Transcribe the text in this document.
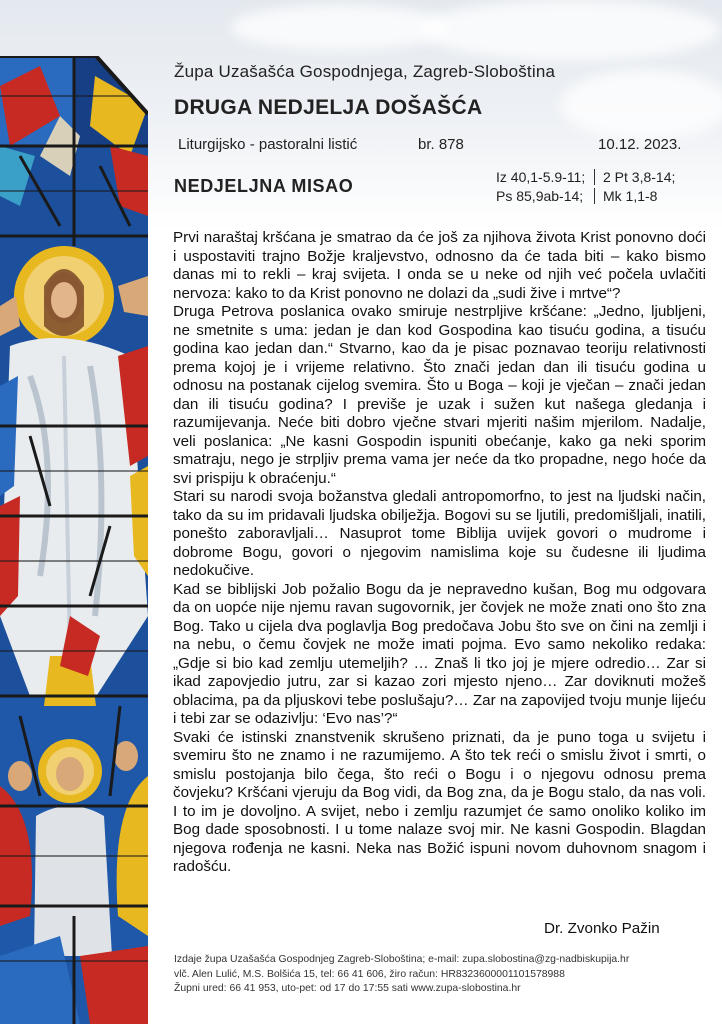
Župa Uzašašća Gospodnjega, Zagreb-Sloboština
DRUGA NEDJELJA DOŠAŠĆA
Liturgijsko - pastoralni listić	br. 878	10.12. 2023.
NEDJELJNA MISAO	Iz 40,1-5.9-11; 2 Pt 3,8-14;
Ps 85,9ab-14; Mk 1,1-8

Prvi naraštaj kršćana je smatrao da će još za njihova života Krist ponovno doći i uspostaviti trajno Božje kraljevstvo, odnosno da će tada biti – kako bismo danas mi to rekli – kraj svijeta. I onda se u neke od njih već počela uvlačiti nervoza: kako to da Krist ponovno ne dolazi da „sudi žive i mrtve“?

Druga Petrova poslanica ovako smiruje nestrpljive kršćane: „Jedno, ljubljeni, ne smetnite s uma: jedan je dan kod Gospodina kao tisuću godina, a tisuću godina kao jedan dan.“ Stvarno, kao da je pisac poznavao teoriju relativnosti prema kojoj je i vrijeme relativno. Što znači jedan dan ili tisuću godina u odnosu na postanak cijelog svemira. Što u Boga – koji je vječan – znači jedan dan ili tisuću godina? I previše je uzak i sužen kut našega gledanja i razumijevanja. Neće biti dobro vječne stvari mjeriti našim mjerilom. Nadalje, veli poslanica: „Ne kasni Gospodin ispuniti obećanje, kako ga neki sporim smatraju, nego je strpljiv prema vama jer neće da tko propadne, nego hoće da svi prispiju k obraćenju.“

Stari su narodi svoja božanstva gledali antropomorfno, to jest na ljudski način, tako da su im pridavali ljudska obilježja. Bogovi su se ljutili, predomišljali, inatili, ponešto zaboravljali… Nasuprot tome Biblija uvijek govori o mudrome i dobrome Bogu, govori o njegovim namislima koje su čudesne ili ljudima nedokučive.

Kad se biblijski Job požalio Bogu da je nepravedno kušan, Bog mu odgovara da on uopće nije njemu ravan sugovornik, jer čovjek ne može znati ono što zna Bog. Tako u cijela dva poglavlja Bog predočava Jobu što sve on čini na zemlji i na nebu, o čemu čovjek ne može imati pojma. Evo samo nekoliko redaka: „Gdje si bio kad zemlju utemeljih? … Znaš li tko joj je mjere odredio… Zar si ikad zapovjedio jutru, zar si kazao zori mjesto njeno… Zar doviknuti možeš oblacima, pa da pljuskovi tebe poslušaju?… Zar na zapovijed tvoju munje lijeću i tebi zar se odazivlju: ‘Evo nas’?“

Svaki će istinski znanstvenik skrušeno priznati, da je puno toga u svijetu i svemiru što ne znamo i ne razumijemo. A što tek reći o smislu život i smrti, o smislu postojanja bilo čega, što reći o Bogu i o njegovu odnosu prema čovjeku? Kršćani vjeruju da Bog vidi, da Bog zna, da je Bogu stalo, da nas voli. I to im je dovoljno. A svijet, nebo i zemlju razumjet će samo onoliko koliko im Bog dade sposobnosti. I u tome nalaze svoj mir. Ne kasni Gospodin. Blagdan njegova rođenja ne kasni. Neka nas Božić ispuni novom duhovnom snagom i radošću.

Dr. Zvonko Pažin
Izdaje župa Uzašašća Gospodnjeg Zagreb-Sloboština; e-mail: zupa.slobostina@zg-nadbiskupija.hr
vlč. Alen Lulić, M.S. Bolšića 15, tel: 66 41 606, žiro račun: HR8323600001101578988
Župni ured: 66 41 953, uto-pet: od 17 do 17:55 sati www.zupa-slobostina.hr
